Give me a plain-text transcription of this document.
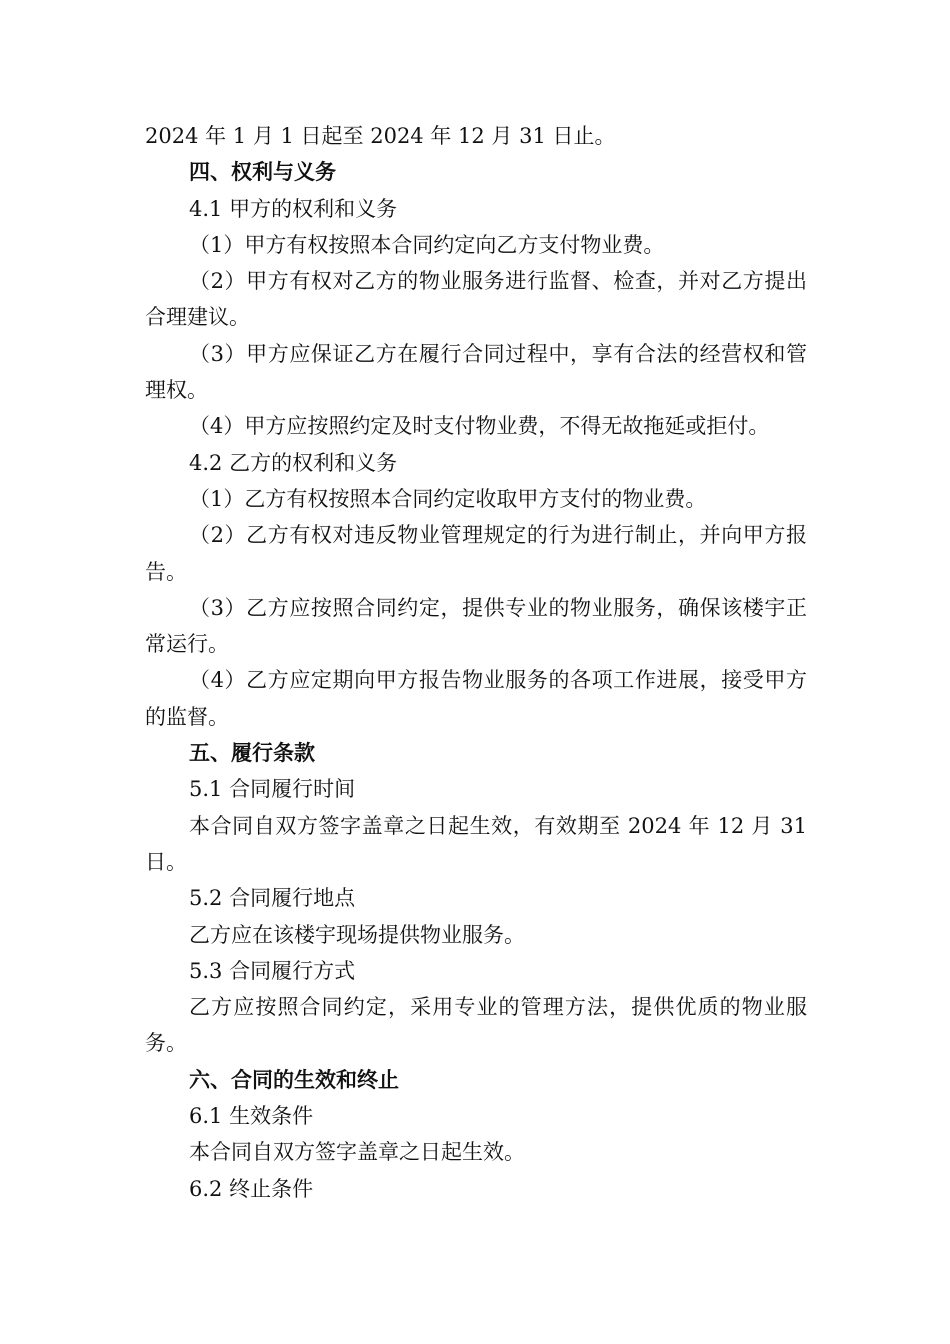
2024 年 1 月 1 日起至 2024 年 12 月 31 日止。

四、权利与义务

4.1 甲方的权利和义务

（1）甲方有权按照本合同约定向乙方支付物业费。

（2）甲方有权对乙方的物业服务进行监督、检查，并对乙方提出合理建议。

（3）甲方应保证乙方在履行合同过程中，享有合法的经营权和管理权。

（4）甲方应按照约定及时支付物业费，不得无故拖延或拒付。

4.2 乙方的权利和义务

（1）乙方有权按照本合同约定收取甲方支付的物业费。

（2）乙方有权对违反物业管理规定的行为进行制止，并向甲方报告。

（3）乙方应按照合同约定，提供专业的物业服务，确保该楼宇正常运行。

（4）乙方应定期向甲方报告物业服务的各项工作进展，接受甲方的监督。

五、履行条款

5.1 合同履行时间

本合同自双方签字盖章之日起生效，有效期至 2024 年 12 月 31 日。

5.2 合同履行地点

乙方应在该楼宇现场提供物业服务。

5.3 合同履行方式

乙方应按照合同约定，采用专业的管理方法，提供优质的物业服务。

六、合同的生效和终止

6.1 生效条件

本合同自双方签字盖章之日起生效。

6.2 终止条件
